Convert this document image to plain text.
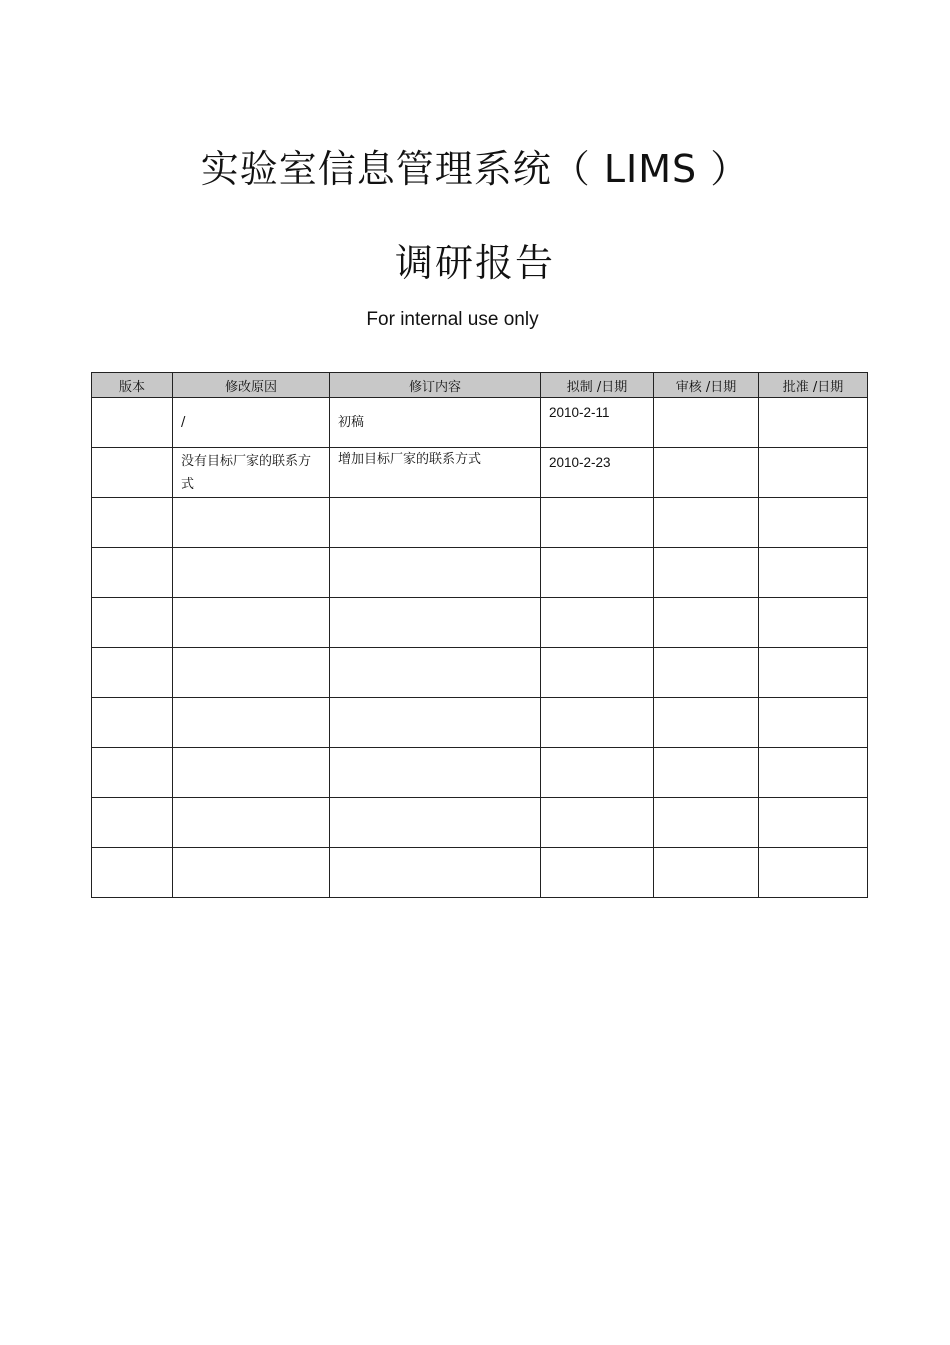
实验室信息管理系统（ LIMS ）
调研报告
For internal use only
版本	修改原因	修订内容	拟制 /日期	审核 /日期	批准 /日期

	/	初稿	2010-2-11		

	没有目标厂家的联系方式	增加目标厂家的联系方式	2010-2-23		
